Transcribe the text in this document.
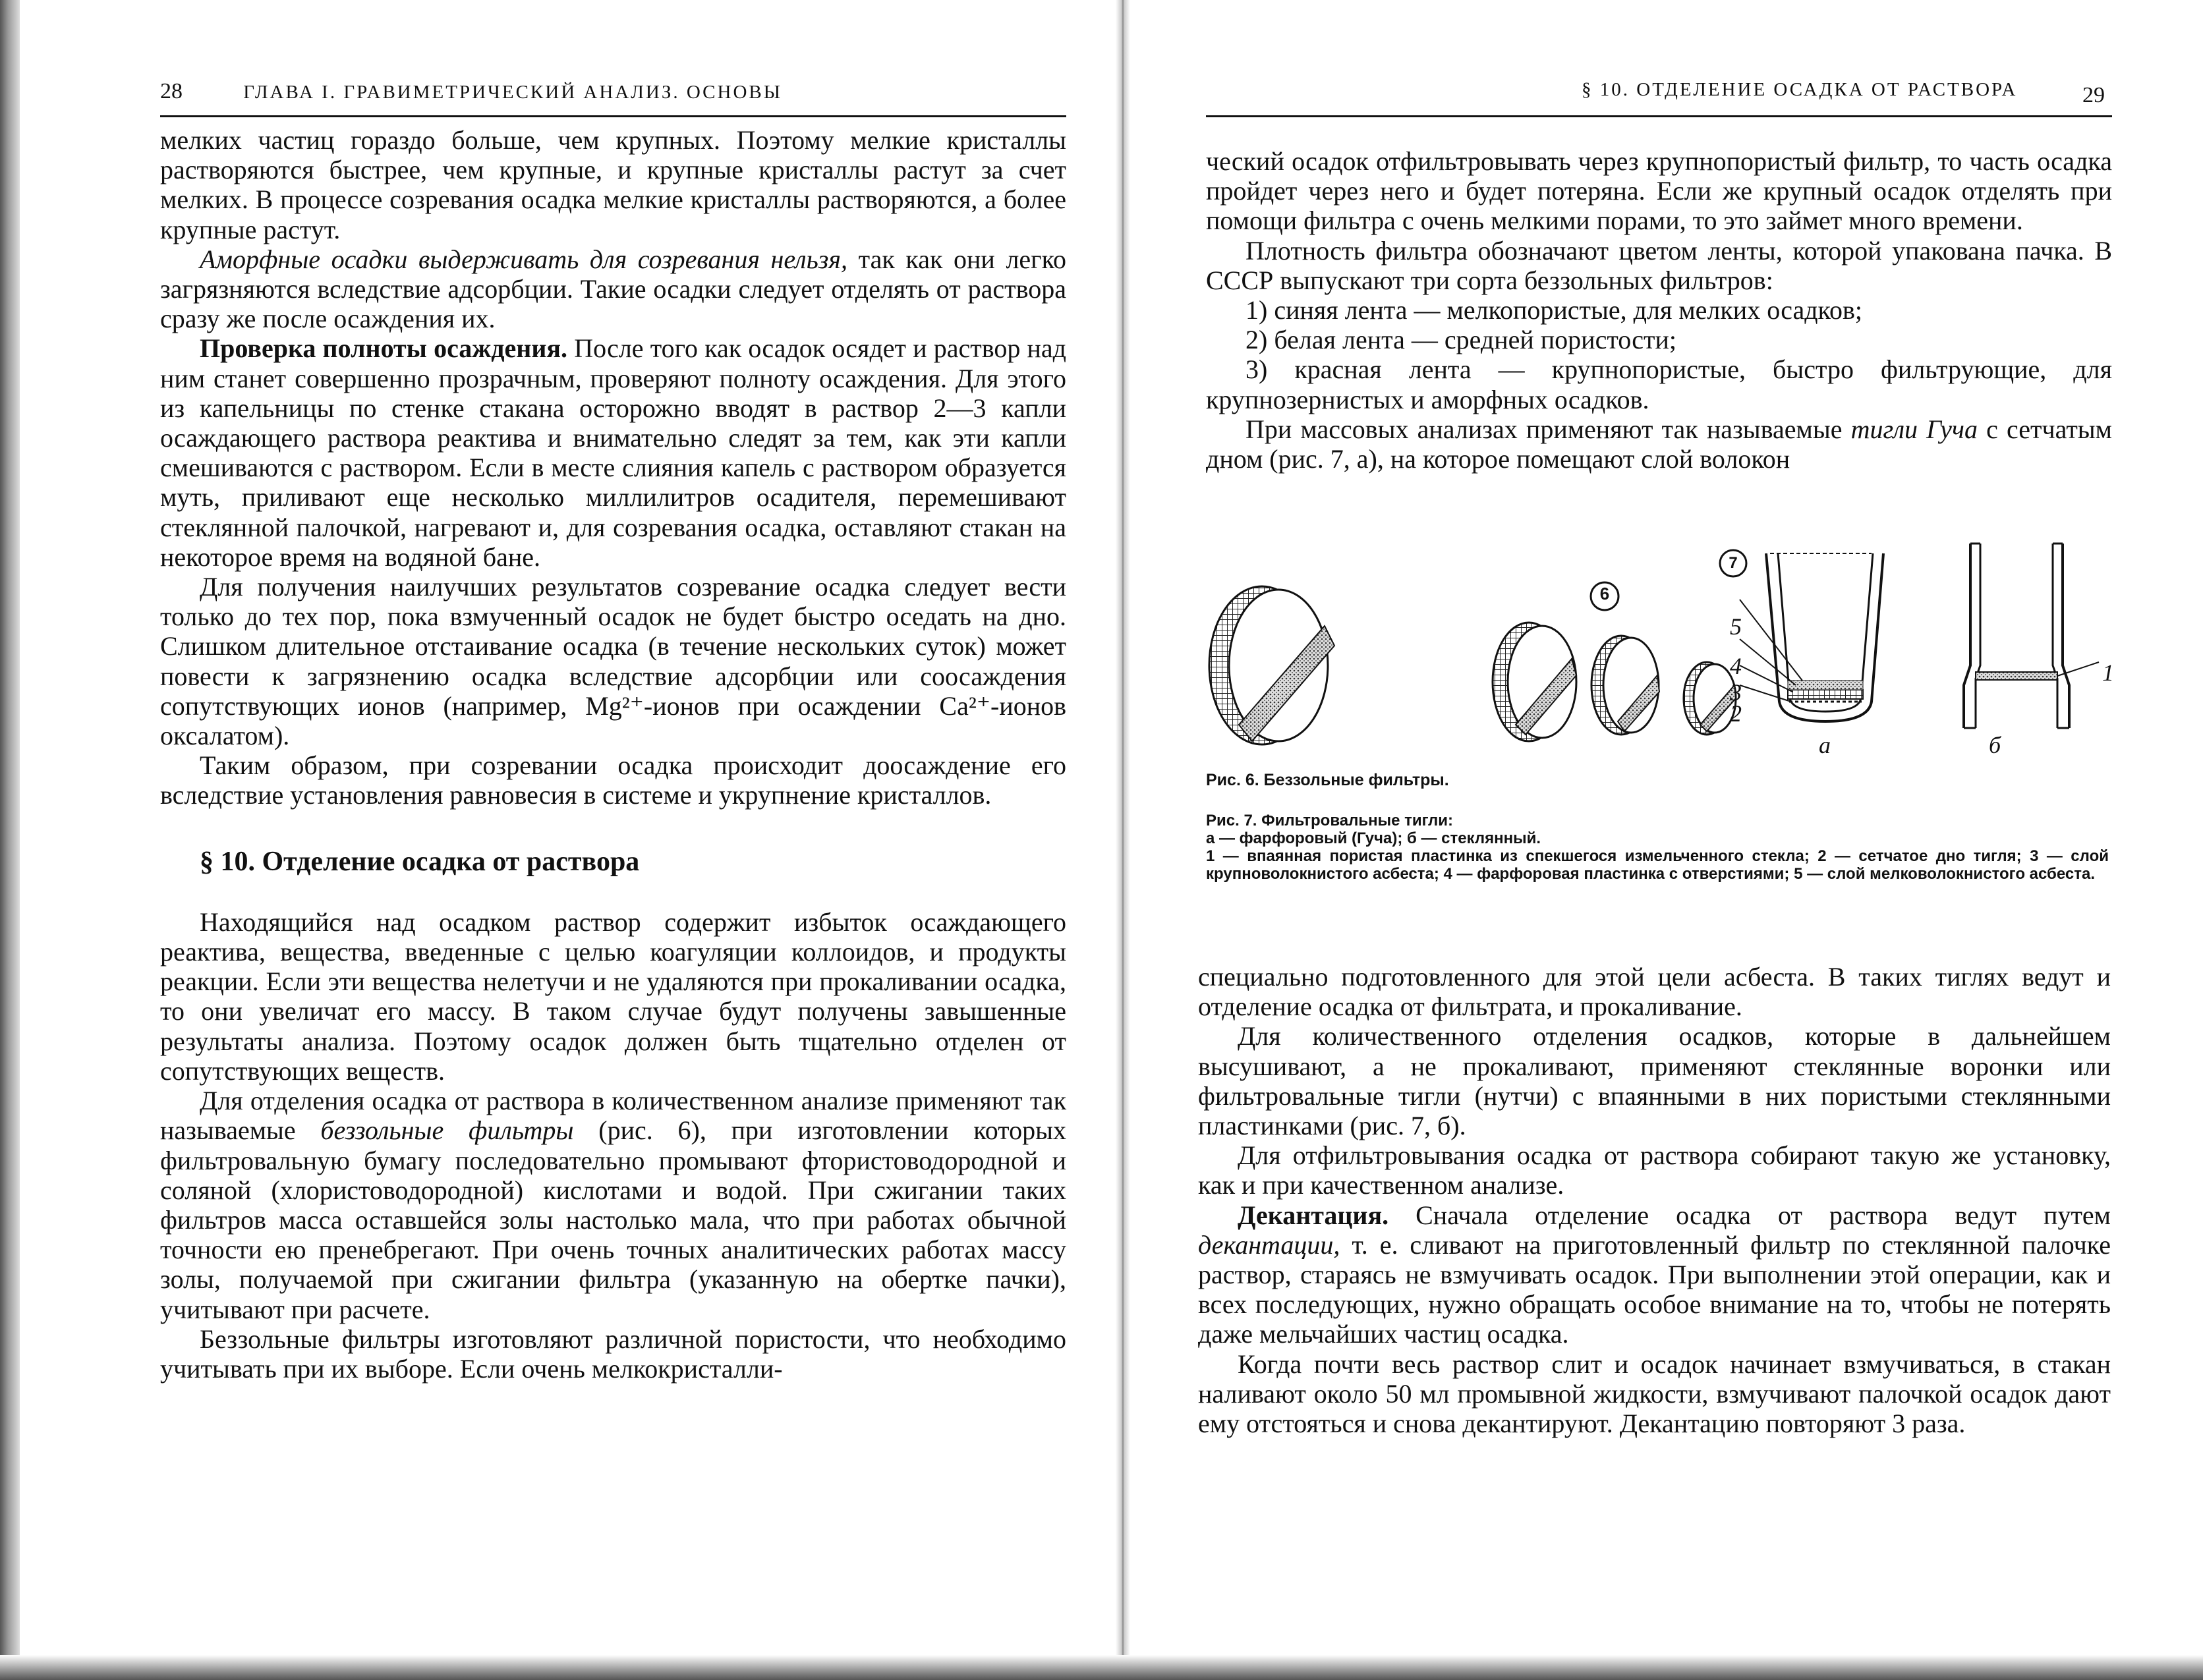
28	ГЛАВА I. ГРАВИМЕТРИЧЕСКИЙ АНАЛИЗ. ОСНОВЫ

мелких частиц гораздо больше, чем крупных. Поэтому мелкие кристаллы растворяются быстрее, чем крупные, и крупные кристаллы растут за счет мелких. В процессе созревания осадка мелкие кристаллы растворяются, а более крупные растут.

Аморфные осадки выдерживать для созревания нельзя, так как они легко загрязняются вследствие адсорбции. Такие осадки следует отделять от раствора сразу же после осаждения их.

Проверка полноты осаждения. После того как осадок осядет и раствор над ним станет совершенно прозрачным, проверяют полноту осаждения. Для этого из капельницы по стенке стакана осторожно вводят в раствор 2—3 капли осаждающего раствора реактива и внимательно следят за тем, как эти капли смешиваются с раствором. Если в месте слияния капель с раствором образуется муть, приливают еще несколько миллилитров осадителя, перемешивают стеклянной палочкой, нагревают и, для созревания осадка, оставляют стакан на некоторое время на водяной бане.

Для получения наилучших результатов созревание осадка следует вести только до тех пор, пока взмученный осадок не будет быстро оседать на дно. Слишком длительное отстаивание осадка (в течение нескольких суток) может повести к загрязнению осадка вследствие адсорбции или соосаждения сопутствующих ионов (например, Mg²⁺-ионов при осаждении Ca²⁺-ионов оксалатом).

Таким образом, при созревании осадка происходит доосаждение его вследствие установления равновесия в системе и укрупнение кристаллов.

§ 10. Отделение осадка от раствора

Находящийся над осадком раствор содержит избыток осаждающего реактива, вещества, введенные с целью коагуляции коллоидов, и продукты реакции. Если эти вещества нелетучи и не удаляются при прокаливании осадка, то они увеличат его массу. В таком случае будут получены завышенные результаты анализа. Поэтому осадок должен быть тщательно отделен от сопутствующих веществ.

Для отделения осадка от раствора в количественном анализе применяют так называемые беззольные фильтры (рис. 6), при изготовлении которых фильтровальную бумагу последовательно промывают фтористоводородной и соляной (хлористоводородной) кислотами и водой. При сжигании таких фильтров масса оставшейся золы настолько мала, что при работах обычной точности ею пренебрегают. При очень точных аналитических работах массу золы, получаемой при сжигании фильтра (указанную на обертке пачки), учитывают при расчете.

Беззольные фильтры изготовляют различной пористости, что необходимо учитывать при их выборе. Если очень мелкокристалли-

§ 10. ОТДЕЛЕНИЕ ОСАДКА ОТ РАСТВОРА	29

ческий осадок отфильтровывать через крупнопористый фильтр, то часть осадка пройдет через него и будет потеряна. Если же крупный осадок отделять при помощи фильтра с очень мелкими порами, то это займет много времени.

Плотность фильтра обозначают цветом ленты, которой упакована пачка. В СССР выпускают три сорта беззольных фильтров:

1) синяя лента — мелкопористые, для мелких осадков;

2) белая лента — средней пористости;

3) красная лента — крупнопористые, быстро фильтрующие, для крупнозернистых и аморфных осадков.

При массовых анализах применяют так называемые тигли Гуча с сетчатым дном (рис. 7, а), на которое помещают слой волокон

6
7
5
4
3
2
1
а	б
Рис. 6. Беззольные фильтры.
Рис. 7. Фильтровальные тигли:
а — фарфоровый (Гуча); б — стеклянный.
1 — впаянная пористая пластинка из спекшегося измельченного стекла; 2 — сетчатое дно тигля; 3 — слой крупноволокнистого асбеста; 4 — фарфоровая пластинка с отверстиями; 5 — слой мелковолокнистого асбеста.

специально подготовленного для этой цели асбеста. В таких тиглях ведут и отделение осадка от фильтрата, и прокаливание.

Для количественного отделения осадков, которые в дальнейшем высушивают, а не прокаливают, применяют стеклянные воронки или фильтровальные тигли (нутчи) с впаянными в них пористыми стеклянными пластинками (рис. 7, б).

Для отфильтровывания осадка от раствора собирают такую же установку, как и при качественном анализе.

Декантация. Сначала отделение осадка от раствора ведут путем декантации, т. е. сливают на приготовленный фильтр по стеклянной палочке раствор, стараясь не взмучивать осадок. При выполнении этой операции, как и всех последующих, нужно обращать особое внимание на то, чтобы не потерять даже мельчайших частиц осадка.

Когда почти весь раствор слит и осадок начинает взмучиваться, в стакан наливают около 50 мл промывной жидкости, взмучивают палочкой осадок дают ему отстояться и снова декантируют. Декантацию повторяют 3 раза.
